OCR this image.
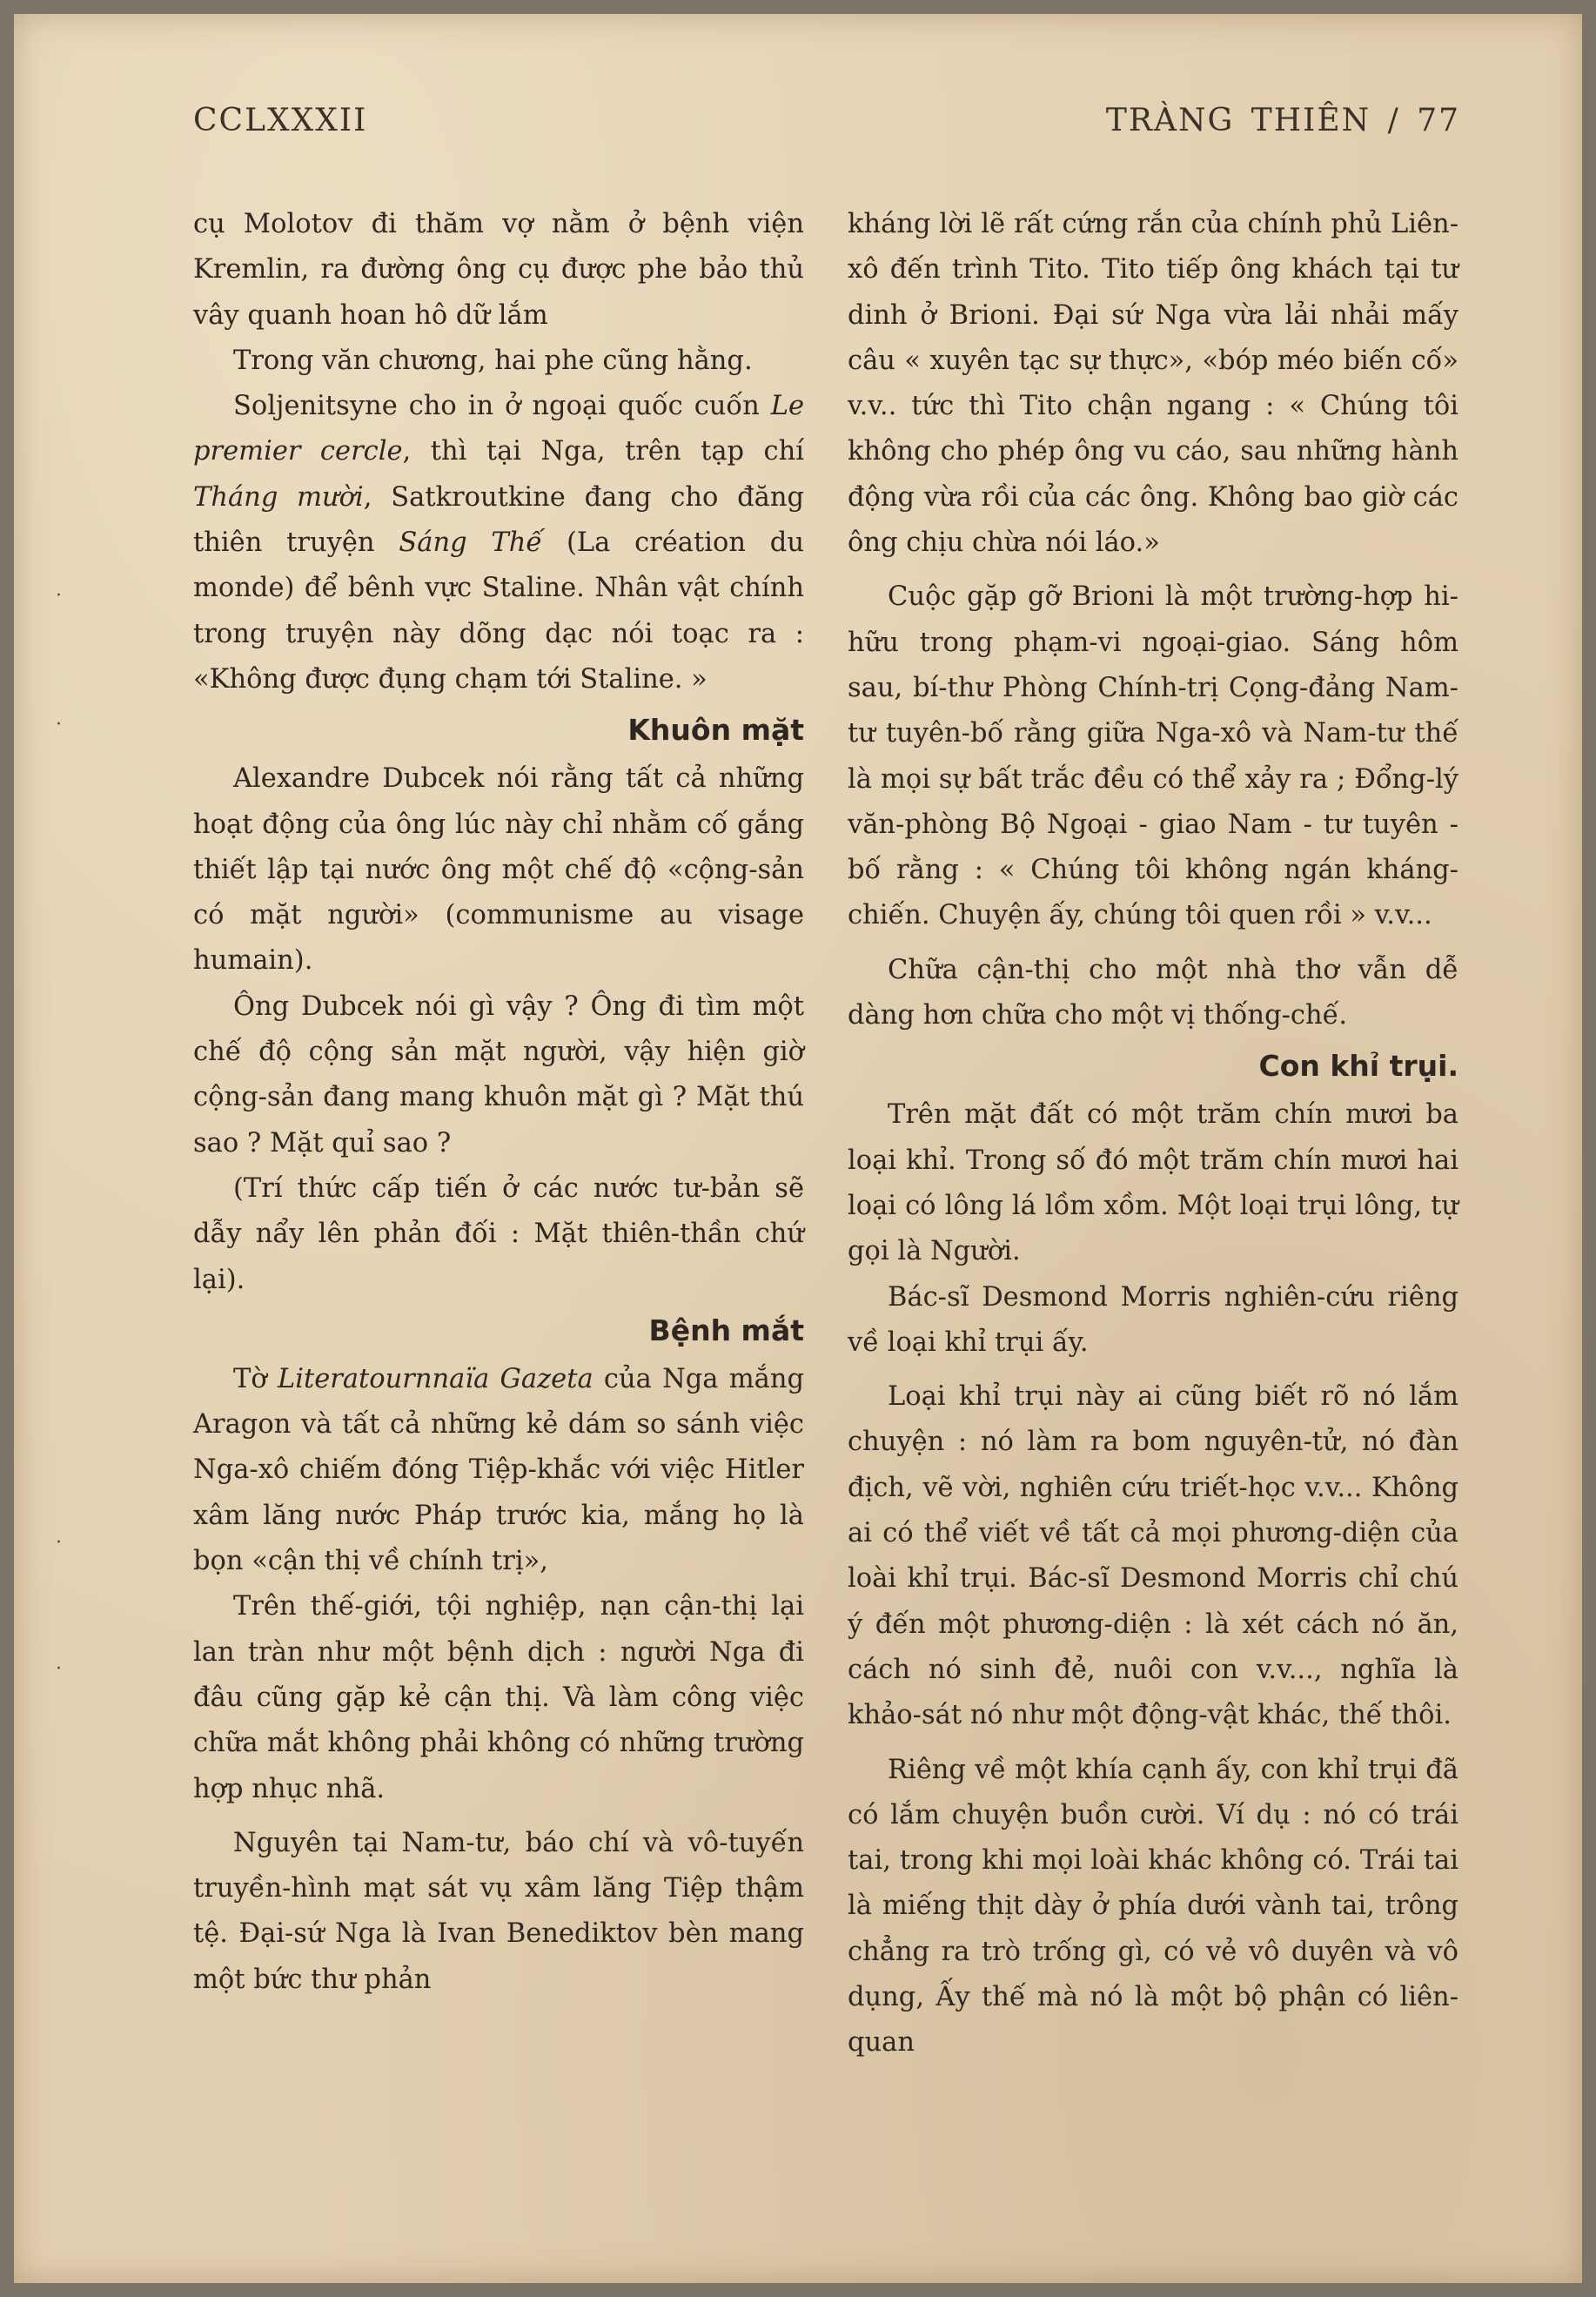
CCLXXXII	TRÀNG THIÊN / 77

cụ Molotov đi thăm vợ nằm ở bệnh viện Kremlin, ra đường ông cụ được phe bảo thủ vây quanh hoan hô dữ lắm

Trong văn chương, hai phe cũng hằng.

Soljenitsyne cho in ở ngoại quốc cuốn Le premier cercle, thì tại Nga, trên tạp chí Tháng mười, Satkroutkine đang cho đăng thiên truyện Sáng Thế (La création du monde) để bênh vực Staline. Nhân vật chính trong truyện này dõng dạc nói toạc ra : «Không được đụng chạm tới Staline. »

Khuôn mặt

Alexandre Dubcek nói rằng tất cả những hoạt động của ông lúc này chỉ nhằm cố gắng thiết lập tại nước ông một chế độ «cộng-sản có mặt người» (communisme au visage humain).

Ông Dubcek nói gì vậy ? Ông đi tìm một chế độ cộng sản mặt người, vậy hiện giờ cộng-sản đang mang khuôn mặt gì ? Mặt thú sao ? Mặt quỉ sao ?

(Trí thức cấp tiến ở các nước tư-bản sẽ dẫy nẩy lên phản đối : Mặt thiên-thần chứ lại).

Bệnh mắt

Tờ Literatournnaïa Gazeta của Nga mắng Aragon và tất cả những kẻ dám so sánh việc Nga-xô chiếm đóng Tiệp-khắc với việc Hitler xâm lăng nước Pháp trước kia, mắng họ là bọn «cận thị về chính trị»,

Trên thế-giới, tội nghiệp, nạn cận-thị lại lan tràn như một bệnh dịch : người Nga đi đâu cũng gặp kẻ cận thị. Và làm công việc chữa mắt không phải không có những trường hợp nhục nhã.

Nguyên tại Nam-tư, báo chí và vô-tuyến truyền-hình mạt sát vụ xâm lăng Tiệp thậm tệ. Đại-sứ Nga là Ivan Benediktov bèn mang một bức thư phản

kháng lời lẽ rất cứng rắn của chính phủ Liên-xô đến trình Tito. Tito tiếp ông khách tại tư dinh ở Brioni. Đại sứ Nga vừa lải nhải mấy câu « xuyên tạc sự thực», «bóp méo biến cố» v.v.. tức thì Tito chận ngang : « Chúng tôi không cho phép ông vu cáo, sau những hành động vừa rồi của các ông. Không bao giờ các ông chịu chừa nói láo.»

Cuộc gặp gỡ Brioni là một trường-hợp hi-hữu trong phạm-vi ngoại-giao. Sáng hôm sau, bí-thư Phòng Chính-trị Cọng-đảng Nam-tư tuyên-bố rằng giữa Nga-xô và Nam-tư thế là mọi sự bất trắc đều có thể xảy ra ; Đổng-lý văn-phòng Bộ Ngoại - giao Nam - tư tuyên - bố rằng : « Chúng tôi không ngán kháng-chiến. Chuyện ấy, chúng tôi quen rồi » v.v...

Chữa cận-thị cho một nhà thơ vẫn dễ dàng hơn chữa cho một vị thống-chế.

Con khỉ trụi.

Trên mặt đất có một trăm chín mươi ba loại khỉ. Trong số đó một trăm chín mươi hai loại có lông lá lồm xồm. Một loại trụi lông, tự gọi là Người.

Bác-sĩ Desmond Morris nghiên-cứu riêng về loại khỉ trụi ấy.

Loại khỉ trụi này ai cũng biết rõ nó lắm chuyện : nó làm ra bom nguyên-tử, nó đàn địch, vẽ vời, nghiên cứu triết-học v.v... Không ai có thể viết về tất cả mọi phương-diện của loài khỉ trụi. Bác-sĩ Desmond Morris chỉ chú ý đến một phương-diện : là xét cách nó ăn, cách nó sinh đẻ, nuôi con v.v..., nghĩa là khảo-sát nó như một động-vật khác, thế thôi.

Riêng về một khía cạnh ấy, con khỉ trụi đã có lắm chuyện buồn cười. Ví dụ : nó có trái tai, trong khi mọi loài khác không có. Trái tai là miếng thịt dày ở phía dưới vành tai, trông chẳng ra trò trống gì, có vẻ vô duyên và vô dụng, Ấy thế mà nó là một bộ phận có liên-quan

·
·
·
·
